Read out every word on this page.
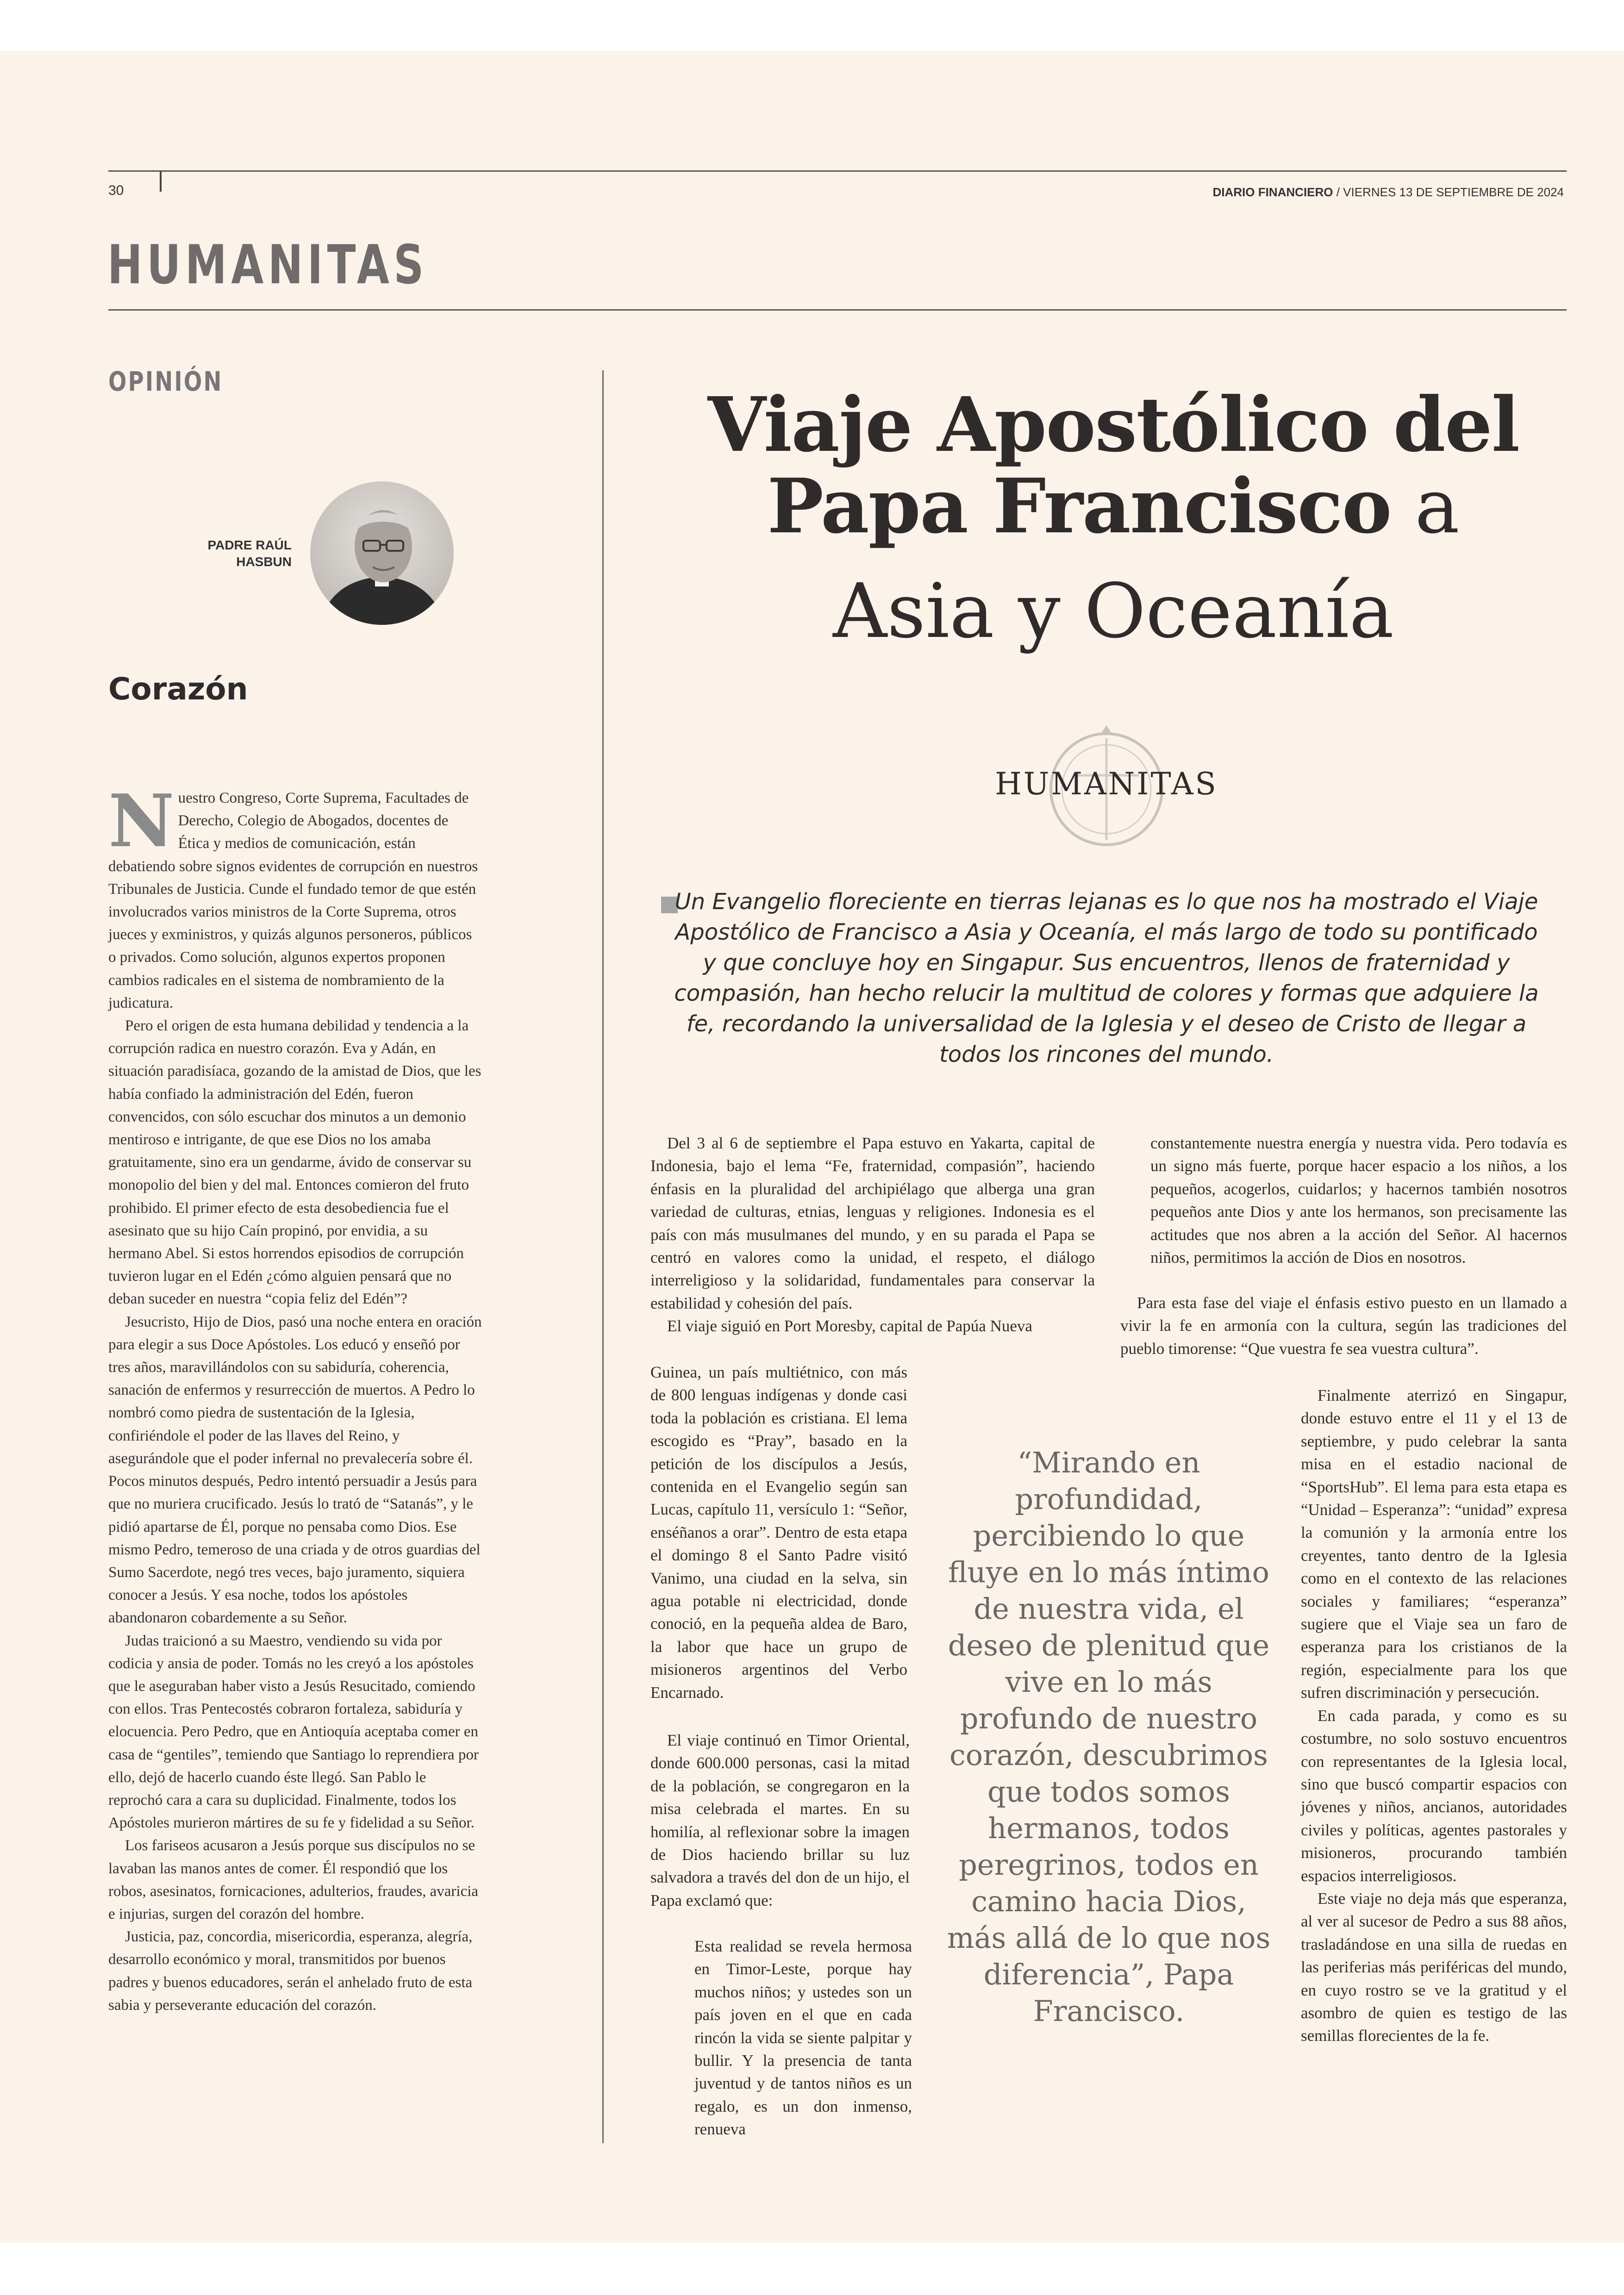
30	DIARIO FINANCIERO / VIERNES 13 DE SEPTIEMBRE DE 2024
HUMANITAS
OPINIÓN
PADRE RAÚL
HASBUN
Corazón

Nuestro Congreso, Corte Suprema, Facultades de Derecho, Colegio de Abogados, docentes de Ética y medios de comunicación, están debatiendo sobre signos evidentes de corrupción en nuestros Tribunales de Justicia. Cunde el fundado temor de que estén involucrados varios ministros de la Corte Suprema, otros jueces y exministros, y quizás algunos personeros, públicos o privados. Como solución, algunos expertos proponen cambios radicales en el sistema de nombramiento de la judicatura.

Pero el origen de esta humana debilidad y tendencia a la corrupción radica en nuestro corazón. Eva y Adán, en situación paradisíaca, gozando de la amistad de Dios, que les había confiado la administración del Edén, fueron convencidos, con sólo escuchar dos minutos a un demonio mentiroso e intrigante, de que ese Dios no los amaba gratuitamente, sino era un gendarme, ávido de conservar su monopolio del bien y del mal. Entonces comieron del fruto prohibido. El primer efecto de esta desobediencia fue el asesinato que su hijo Caín propinó, por envidia, a su hermano Abel. Si estos horrendos episodios de corrupción tuvieron lugar en el Edén ¿cómo alguien pensará que no deban suceder en nuestra “copia feliz del Edén”?

Jesucristo, Hijo de Dios, pasó una noche entera en oración para elegir a sus Doce Apóstoles. Los educó y enseñó por tres años, maravillándolos con su sabiduría, coherencia, sanación de enfermos y resurrección de muertos. A Pedro lo nombró como piedra de sustentación de la Iglesia, confiriéndole el poder de las llaves del Reino, y asegurándole que el poder infernal no prevalecería sobre él. Pocos minutos después, Pedro intentó persuadir a Jesús para que no muriera crucificado. Jesús lo trató de “Satanás”, y le pidió apartarse de Él, porque no pensaba como Dios. Ese mismo Pedro, temeroso de una criada y de otros guardias del Sumo Sacerdote, negó tres veces, bajo juramento, siquiera conocer a Jesús. Y esa noche, todos los apóstoles abandonaron cobardemente a su Señor.

Judas traicionó a su Maestro, vendiendo su vida por codicia y ansia de poder. Tomás no les creyó a los apóstoles que le aseguraban haber visto a Jesús Resucitado, comiendo con ellos. Tras Pentecostés cobraron fortaleza, sabiduría y elocuencia. Pero Pedro, que en Antioquía aceptaba comer en casa de “gentiles”, temiendo que Santiago lo reprendiera por ello, dejó de hacerlo cuando éste llegó. San Pablo le reprochó cara a cara su duplicidad. Finalmente, todos los Apóstoles murieron mártires de su fe y fidelidad a su Señor.

Los fariseos acusaron a Jesús porque sus discípulos no se lavaban las manos antes de comer. Él respondió que los robos, asesinatos, fornicaciones, adulterios, fraudes, avaricia e injurias, surgen del corazón del hombre.

Justicia, paz, concordia, misericordia, esperanza, alegría, desarrollo económico y moral, transmitidos por buenos padres y buenos educadores, serán el anhelado fruto de esta sabia y perseverante educación del corazón.

Viaje Apostólico del
Papa Francisco a
Asia y Oceanía
HUMANITAS
Un Evangelio floreciente en tierras lejanas es lo que nos ha mostrado el Viaje Apostólico de Francisco a Asia y Oceanía, el más largo de todo su pontificado y que concluye hoy en Singapur. Sus encuentros, llenos de fraternidad y compasión, han hecho relucir la multitud de colores y formas que adquiere la fe, recordando la universalidad de la Iglesia y el deseo de Cristo de llegar a todos los rincones del mundo.

Del 3 al 6 de septiembre el Papa estuvo en Yakarta, capital de Indonesia, bajo el lema “Fe, fraternidad, compasión”, haciendo énfasis en la pluralidad del archipiélago que alberga una gran variedad de culturas, etnias, lenguas y religiones. Indonesia es el país con más musulmanes del mundo, y en su parada el Papa se centró en valores como la unidad, el respeto, el diálogo interreligioso y la solidaridad, fundamentales para conservar la estabilidad y cohesión del país.

El viaje siguió en Port Moresby, capital de Papúa Nueva

Guinea, un país multiétnico, con más de 800 lenguas indígenas y donde casi toda la población es cristiana. El lema escogido es “Pray”, basado en la petición de los discípulos a Jesús, contenida en el Evangelio según san Lucas, capítulo 11, versículo 1: “Señor, enséñanos a orar”. Dentro de esta etapa el domingo 8 el Santo Padre visitó Vanimo, una ciudad en la selva, sin agua potable ni electricidad, donde conoció, en la pequeña aldea de Baro, la labor que hace un grupo de misioneros argentinos del Verbo Encarnado.

El viaje continuó en Timor Oriental, donde 600.000 personas, casi la mitad de la población, se congregaron en la misa celebrada el martes. En su homilía, al reflexionar sobre la imagen de Dios haciendo brillar su luz salvadora a través del don de un hijo, el Papa exclamó que:

Esta realidad se revela hermosa en Timor-Leste, porque hay muchos niños; y ustedes son un país joven en el que en cada rincón la vida se siente palpitar y bullir. Y la presencia de tanta juventud y de tantos niños es un regalo, es un don inmenso, renueva
“Mirando en profundidad, percibiendo lo que fluye en lo más íntimo de nuestra vida, el deseo de plenitud que vive en lo más profundo de nuestro corazón, descubrimos que todos somos hermanos, todos peregrinos, todos en camino hacia Dios, más allá de lo que nos diferencia”, Papa Francisco.

constantemente nuestra energía y nuestra vida. Pero todavía es un signo más fuerte, porque hacer espacio a los niños, a los pequeños, acogerlos, cuidarlos; y hacernos también nosotros pequeños ante Dios y ante los hermanos, son precisamente las actitudes que nos abren a la acción del Señor. Al hacernos niños, permitimos la acción de Dios en nosotros.

Para esta fase del viaje el énfasis estivo puesto en un llamado a vivir la fe en armonía con la cultura, según las tradiciones del pueblo timorense: “Que vuestra fe sea vuestra cultura”.

Finalmente aterrizó en Singapur, donde estuvo entre el 11 y el 13 de septiembre, y pudo celebrar la santa misa en el estadio nacional de “SportsHub”. El lema para esta etapa es “Unidad – Esperanza”: “unidad” expresa la comunión y la armonía entre los creyentes, tanto dentro de la Iglesia como en el contexto de las relaciones sociales y familiares; “esperanza” sugiere que el Viaje sea un faro de esperanza para los cristianos de la región, especialmente para los que sufren discriminación y persecución.

En cada parada, y como es su costumbre, no solo sostuvo encuentros con representantes de la Iglesia local, sino que buscó compartir espacios con jóvenes y niños, ancianos, autoridades civiles y políticas, agentes pastorales y misioneros, procurando también espacios interreligiosos.

Este viaje no deja más que esperanza, al ver al sucesor de Pedro a sus 88 años, trasladándose en una silla de ruedas en las periferias más periféricas del mundo, en cuyo rostro se ve la gratitud y el asombro de quien es testigo de las semillas florecientes de la fe.
